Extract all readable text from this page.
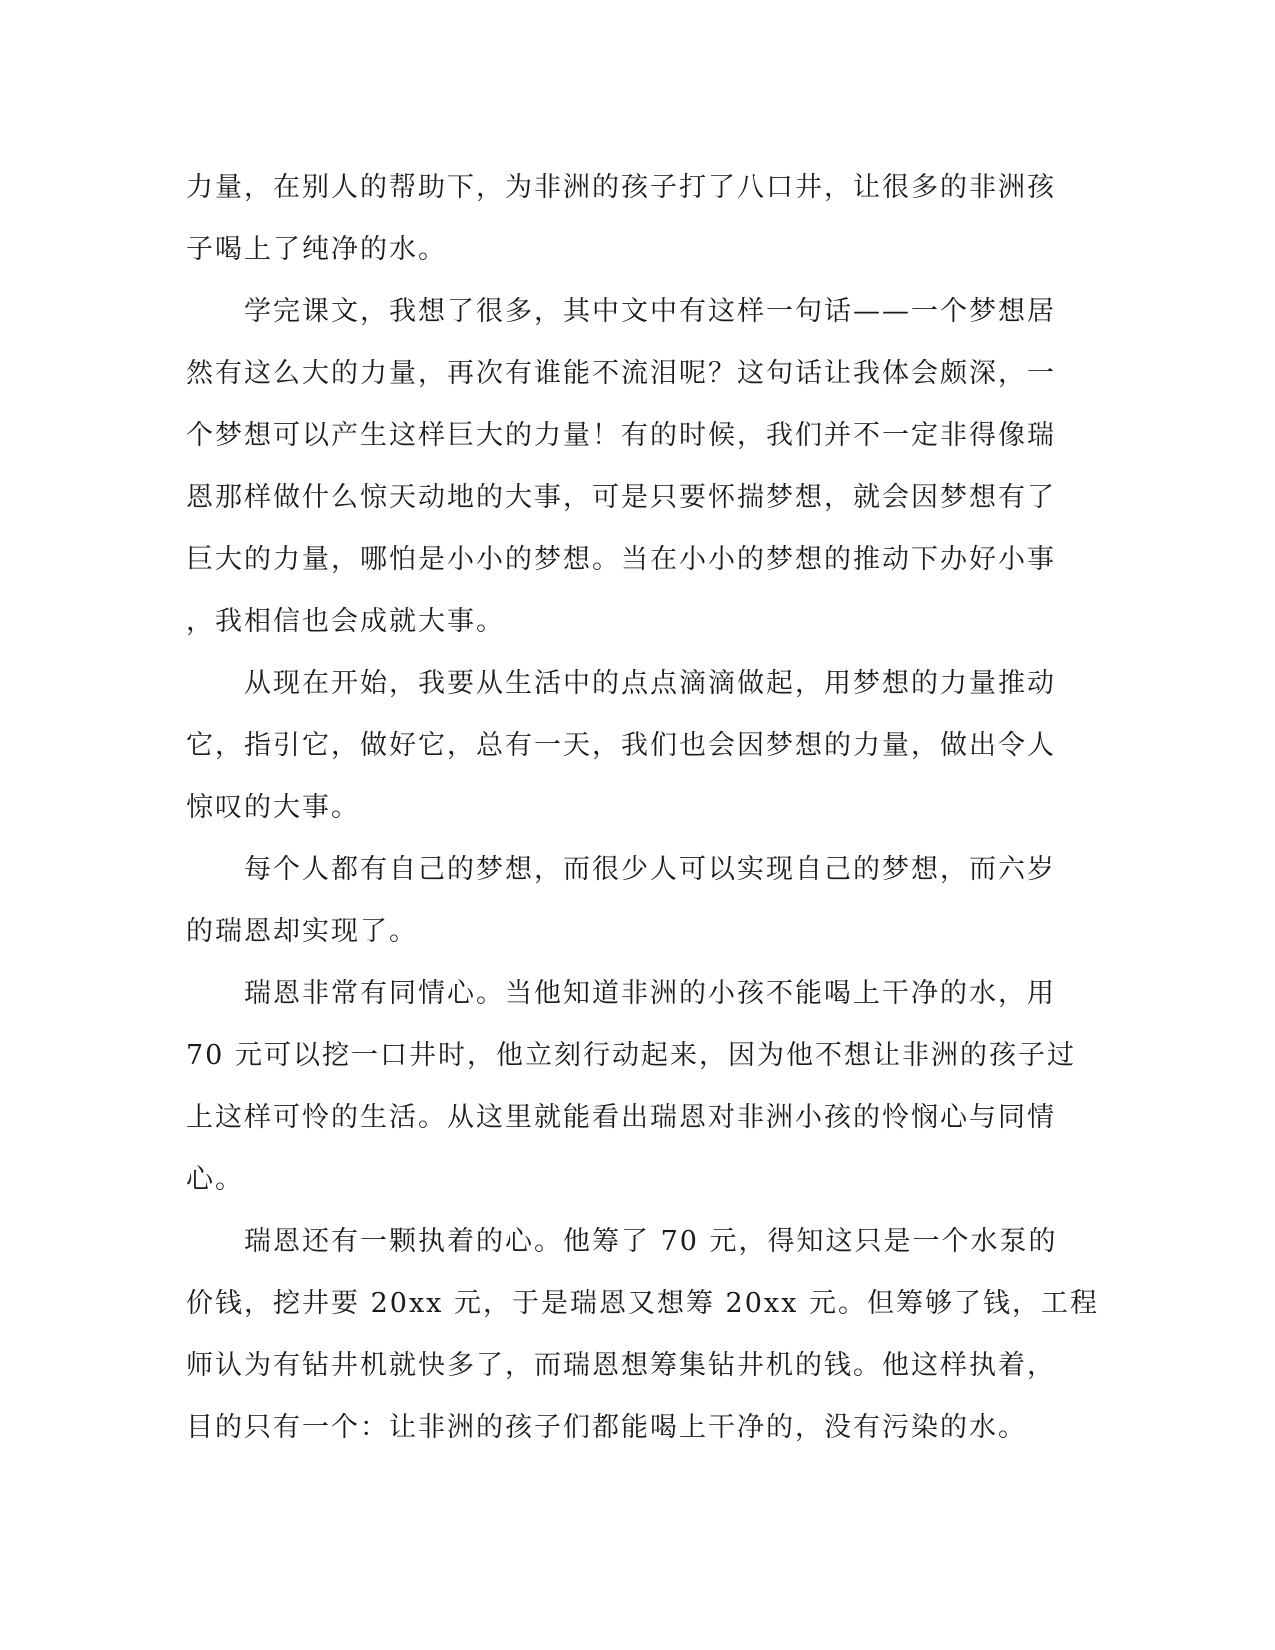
力量，在别人的帮助下，为非洲的孩子打了八口井，让很多的非洲孩
子喝上了纯净的水。
　　学完课文，我想了很多，其中文中有这样一句话——一个梦想居
然有这么大的力量，再次有谁能不流泪呢？这句话让我体会颇深，一
个梦想可以产生这样巨大的力量！有的时候，我们并不一定非得像瑞
恩那样做什么惊天动地的大事，可是只要怀揣梦想，就会因梦想有了
巨大的力量，哪怕是小小的梦想。当在小小的梦想的推动下办好小事
，我相信也会成就大事。
　　从现在开始，我要从生活中的点点滴滴做起，用梦想的力量推动
它，指引它，做好它，总有一天，我们也会因梦想的力量，做出令人
惊叹的大事。
　　每个人都有自己的梦想，而很少人可以实现自己的梦想，而六岁
的瑞恩却实现了。
　　瑞恩非常有同情心。当他知道非洲的小孩不能喝上干净的水，用
70 元可以挖一口井时，他立刻行动起来，因为他不想让非洲的孩子过
上这样可怜的生活。从这里就能看出瑞恩对非洲小孩的怜悯心与同情
心。
　　瑞恩还有一颗执着的心。他筹了 70 元，得知这只是一个水泵的
价钱，挖井要 20xx 元，于是瑞恩又想筹 20xx 元。但筹够了钱，工程
师认为有钻井机就快多了，而瑞恩想筹集钻井机的钱。他这样执着，
目的只有一个：让非洲的孩子们都能喝上干净的，没有污染的水。
